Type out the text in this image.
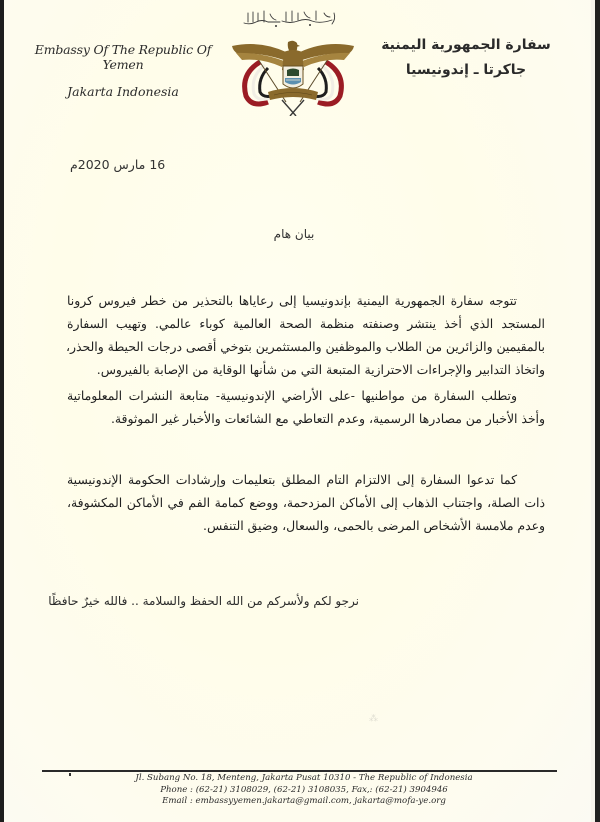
Embassy Of The Republic Of Yemen
Jakarta Indonesia
سفارة الجمهورية اليمنية
جاكرتا ـ إندونيسيا
16 مارس 2020م
بيان هام
تتوجه سفارة الجمهورية اليمنية بإندونيسيا إلى رعاياها بالتحذير من خطر فيروس كرونا
المستجد الذي أخذ ينتشر وصنفته منظمة الصحة العالمية كوباء عالمي. وتهيب السفارة
بالمقيمين والزائرين من الطلاب والموظفين والمستثمرين بتوخي أقصى درجات الحيطة والحذر،
واتخاذ التدابير والإجراءات الاحترازية المتبعة التي من شأنها الوقاية من الإصابة بالفيروس.
وتطلب السفارة من مواطنيها -على الأراضي الإندونيسية- متابعة النشرات المعلوماتية
وأخذ الأخبار من مصادرها الرسمية، وعدم التعاطي مع الشائعات والأخبار غير الموثوقة.
كما تدعوا السفارة إلى الالتزام التام المطلق بتعليمات وإرشادات الحكومة الإندونيسية
ذات الصلة، واجتناب الذهاب إلى الأماكن المزدحمة، ووضع كمامة الفم في الأماكن المكشوفة،
وعدم ملامسة الأشخاص المرضى بالحمى، والسعال، وضيق التنفس.
نرجو لكم ولأسركم من الله الحفظ والسلامة .. فالله خيرٌ حافظًا
⁂
Jl. Subang No. 18, Menteng, Jakarta Pusat 10310 - The Republic of Indonesia
Phone : (62-21) 3108029, (62-21) 3108035, Fax,: (62-21) 3904946
Email : embassyyemen.jakarta@gmail.com, jakarta@mofa-ye.org
